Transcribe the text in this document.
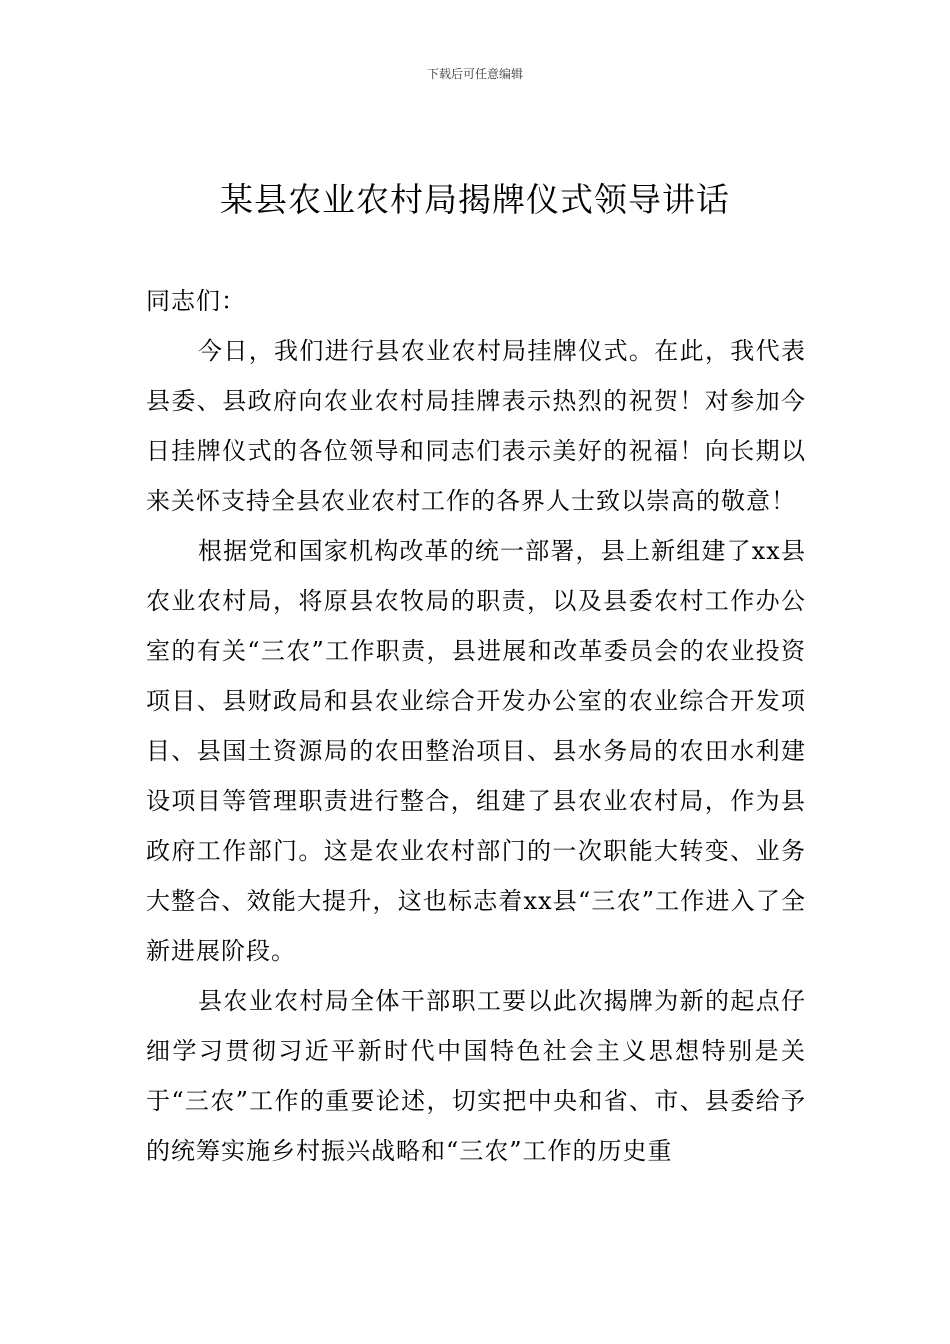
下载后可任意编辑
某县农业农村局揭牌仪式领导讲话

同志们：

今日，我们进行县农业农村局挂牌仪式。在此，我代表县委、县政府向农业农村局挂牌表示热烈的祝贺！对参加今日挂牌仪式的各位领导和同志们表示美好的祝福！向长期以来关怀支持全县农业农村工作的各界人士致以崇高的敬意！

根据党和国家机构改革的统一部署，县上新组建了xx县农业农村局，将原县农牧局的职责，以及县委农村工作办公室的有关“三农”工作职责，县进展和改革委员会的农业投资项目、县财政局和县农业综合开发办公室的农业综合开发项目、县国土资源局的农田整治项目、县水务局的农田水利建设项目等管理职责进行整合，组建了县农业农村局，作为县政府工作部门。这是农业农村部门的一次职能大转变、业务大整合、效能大提升，这也标志着xx县“三农”工作进入了全新进展阶段。

县农业农村局全体干部职工要以此次揭牌为新的起点仔细学习贯彻习近平新时代中国特色社会主义思想特别是关于“三农”工作的重要论述，切实把中央和省、市、县委给予的统筹实施乡村振兴战略和“三农”工作的历史重
